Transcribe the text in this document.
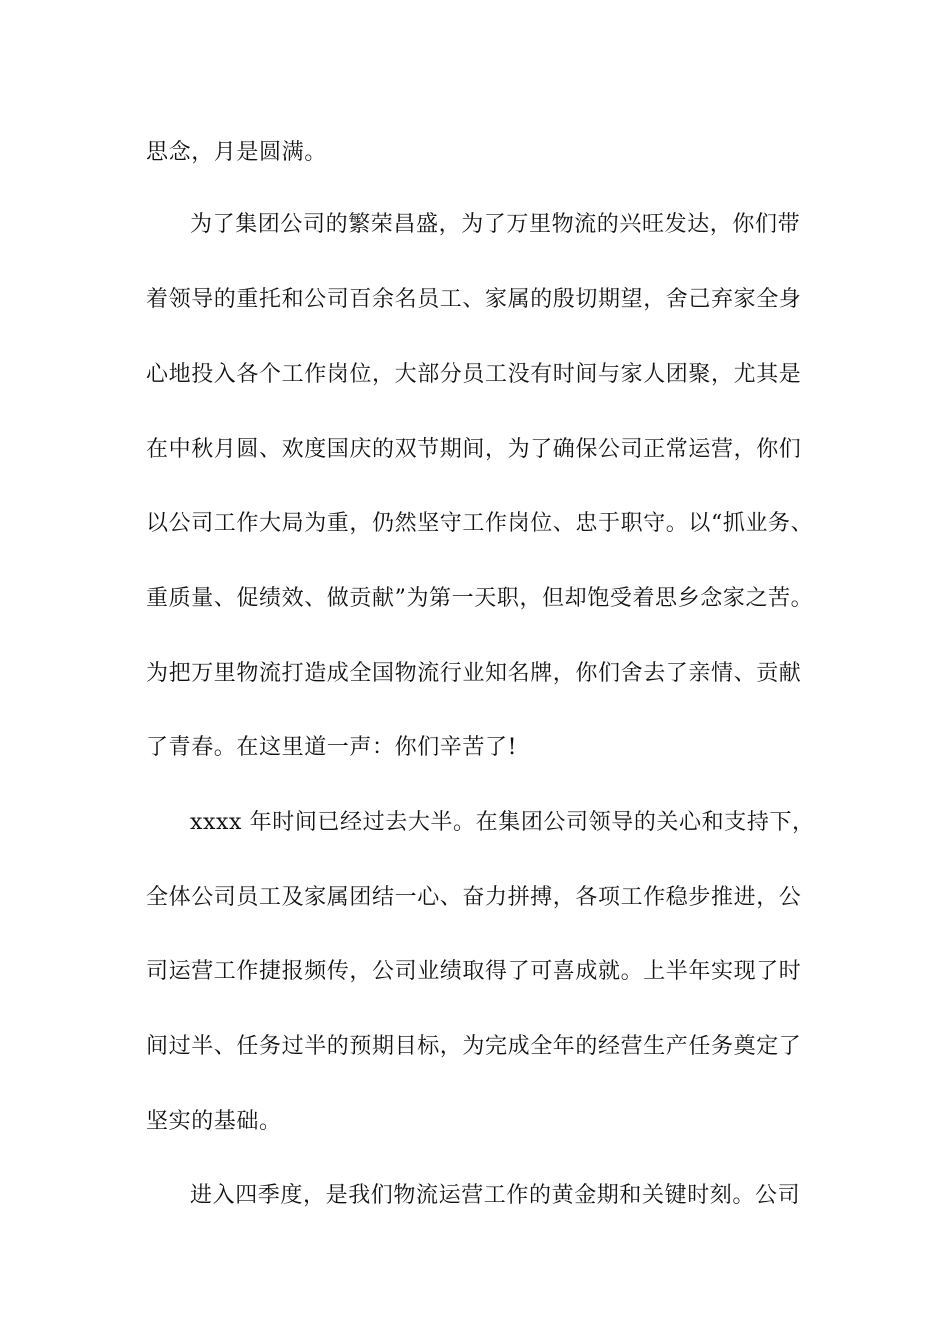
思念，月是圆满。
为了集团公司的繁荣昌盛，为了万里物流的兴旺发达，你们带
着领导的重托和公司百余名员工、家属的殷切期望，舍己弃家全身
心地投入各个工作岗位，大部分员工没有时间与家人团聚，尤其是
在中秋月圆、欢度国庆的双节期间，为了确保公司正常运营，你们
以公司工作大局为重，仍然坚守工作岗位、忠于职守。以“抓业务、
重质量、促绩效、做贡献”为第一天职，但却饱受着思乡念家之苦。
为把万里物流打造成全国物流行业知名牌，你们舍去了亲情、贡献
了青春。在这里道一声：你们辛苦了!
xxxx 年时间已经过去大半。在集团公司领导的关心和支持下，
全体公司员工及家属团结一心、奋力拼搏，各项工作稳步推进，公
司运营工作捷报频传，公司业绩取得了可喜成就。上半年实现了时
间过半、任务过半的预期目标，为完成全年的经营生产任务奠定了
坚实的基础。
进入四季度，是我们物流运营工作的黄金期和关键时刻。公司
